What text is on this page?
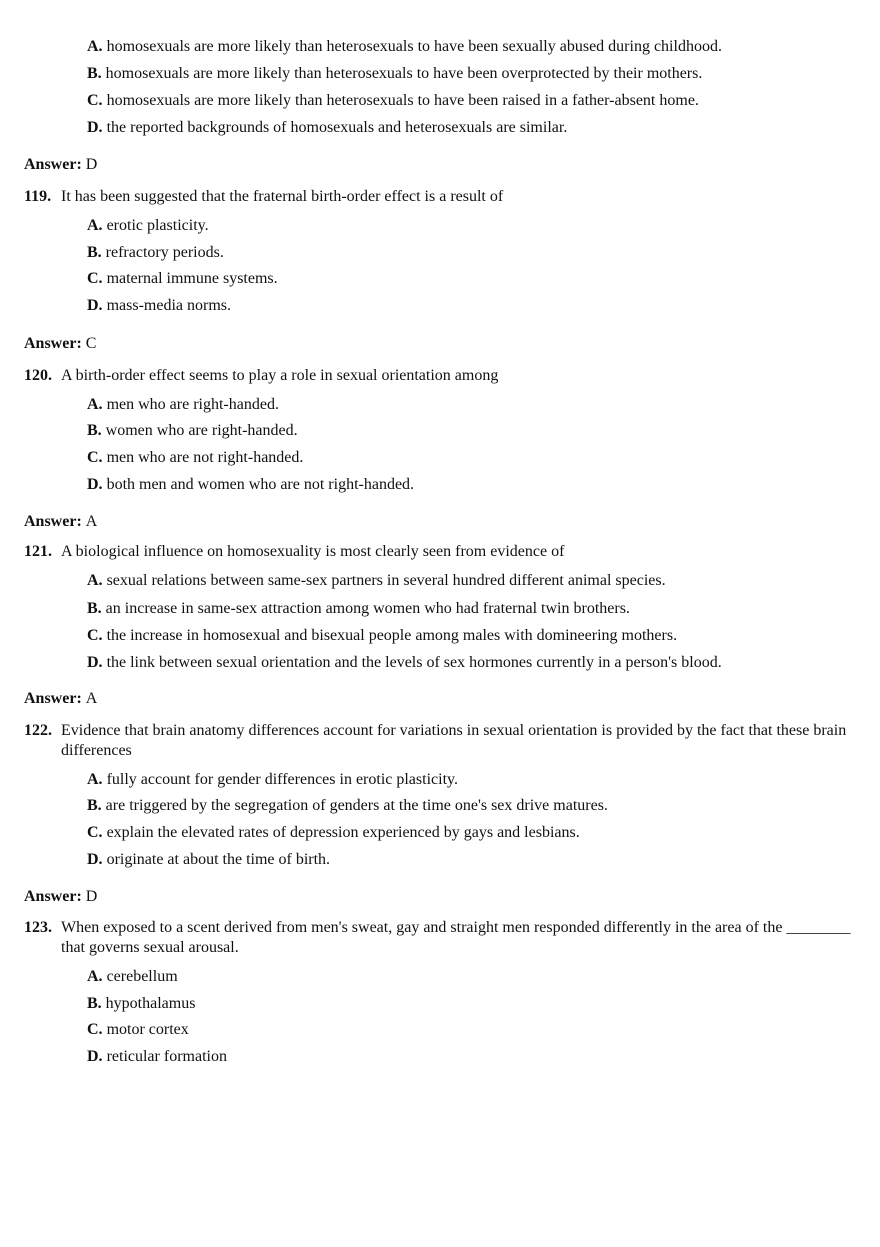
A. homosexuals are more likely than heterosexuals to have been sexually abused during childhood.
B. homosexuals are more likely than heterosexuals to have been overprotected by their mothers.
C. homosexuals are more likely than heterosexuals to have been raised in a father-absent home.
D. the reported backgrounds of homosexuals and heterosexuals are similar.
Answer: D
119. It has been suggested that the fraternal birth-order effect is a result of
A. erotic plasticity.
B. refractory periods.
C. maternal immune systems.
D. mass-media norms.
Answer: C
120. A birth-order effect seems to play a role in sexual orientation among
A. men who are right-handed.
B. women who are right-handed.
C. men who are not right-handed.
D. both men and women who are not right-handed.
Answer: A
121. A biological influence on homosexuality is most clearly seen from evidence of
A. sexual relations between same-sex partners in several hundred different animal species.
B. an increase in same-sex attraction among women who had fraternal twin brothers.
C. the increase in homosexual and bisexual people among males with domineering mothers.
D. the link between sexual orientation and the levels of sex hormones currently in a person's blood.
Answer: A
122. Evidence that brain anatomy differences account for variations in sexual orientation is provided by the fact that these brain differences
A. fully account for gender differences in erotic plasticity.
B. are triggered by the segregation of genders at the time one's sex drive matures.
C. explain the elevated rates of depression experienced by gays and lesbians.
D. originate at about the time of birth.
Answer: D
123. When exposed to a scent derived from men's sweat, gay and straight men responded differently in the area of the ________ that governs sexual arousal.
A. cerebellum
B. hypothalamus
C. motor cortex
D. reticular formation
